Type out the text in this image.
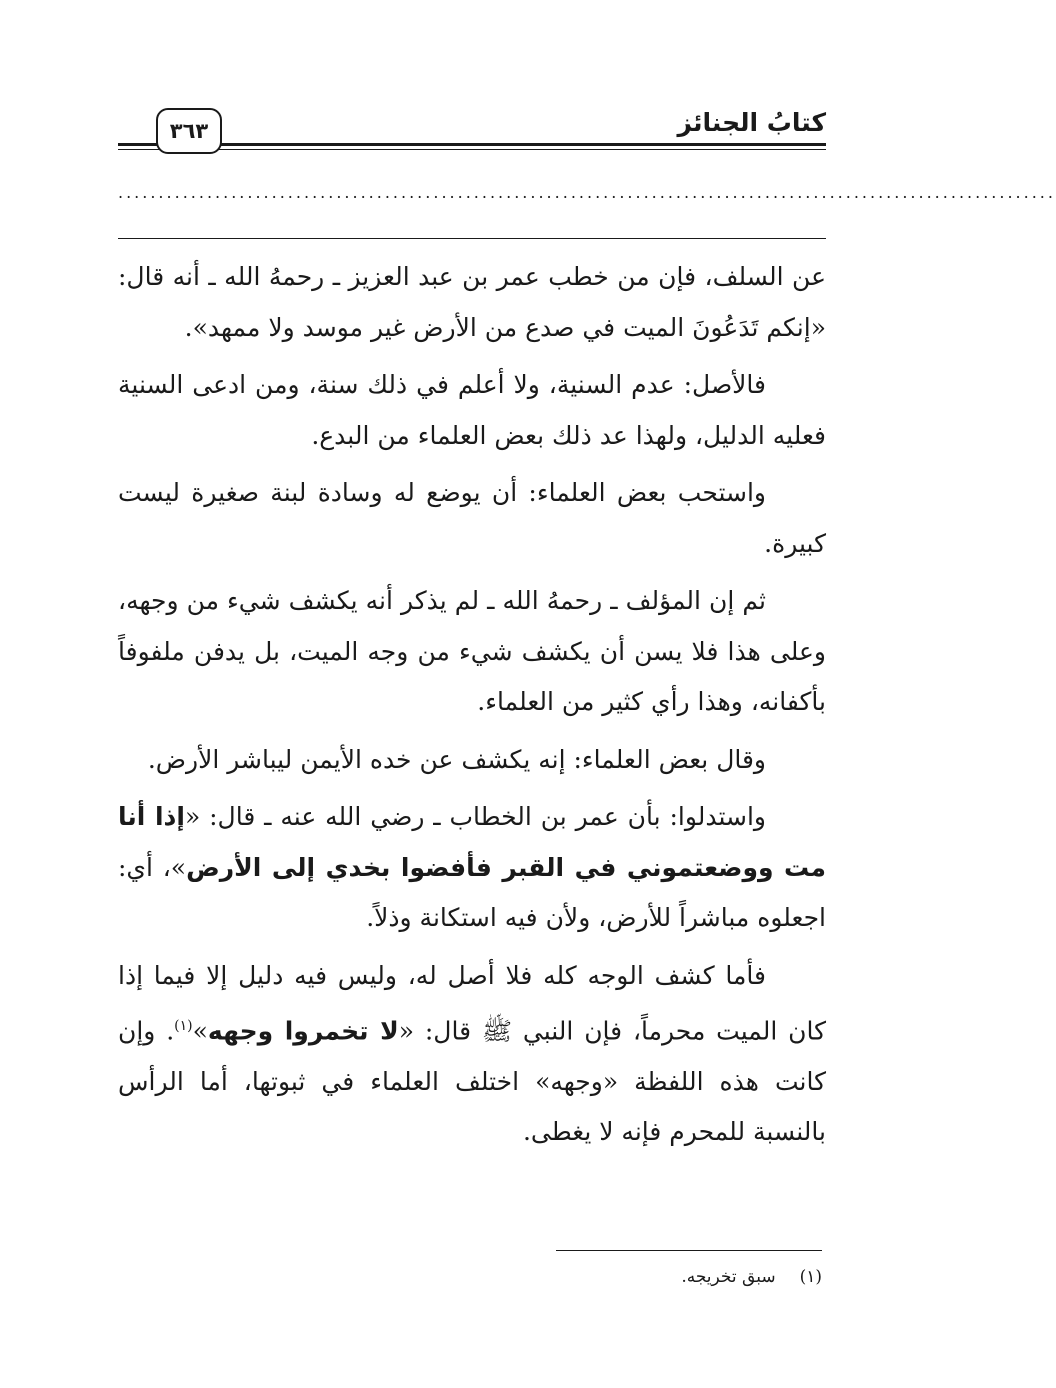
كتابُ الجنائز
٣٦٣
....................................................................................................................

عن السلف، فإن من خطب عمر بن عبد العزيز ـ رحمهُ الله ـ أنه قال: «إنكم تَدَعُونَ الميت في صدع من الأرض غير موسد ولا ممهد».

فالأصل: عدم السنية، ولا أعلم في ذلك سنة، ومن ادعى السنية فعليه الدليل، ولهذا عد ذلك بعض العلماء من البدع.

واستحب بعض العلماء: أن يوضع له وسادة لبنة صغيرة ليست كبيرة.

ثم إن المؤلف ـ رحمهُ الله ـ لم يذكر أنه يكشف شيء من وجهه، وعلى هذا فلا يسن أن يكشف شيء من وجه الميت، بل يدفن ملفوفاً بأكفانه، وهذا رأي كثير من العلماء.

وقال بعض العلماء: إنه يكشف عن خده الأيمن ليباشر الأرض.

واستدلوا: بأن عمر بن الخطاب ـ رضي الله عنه ـ قال: «إذا أنا مت ووضعتموني في القبر فأفضوا بخدي إلى الأرض»، أي: اجعلوه مباشراً للأرض، ولأن فيه استكانة وذلاً.

فأما كشف الوجه كله فلا أصل له، وليس فيه دليل إلا فيما إذا كان الميت محرماً، فإن النبي ﷺ قال: «لا تخمروا وجهه»$^{(١)}$. وإن كانت هذه اللفظة «وجهه» اختلف العلماء في ثبوتها، أما الرأس بالنسبة للمحرم فإنه لا يغطى.

(١)سبق تخريجه.
